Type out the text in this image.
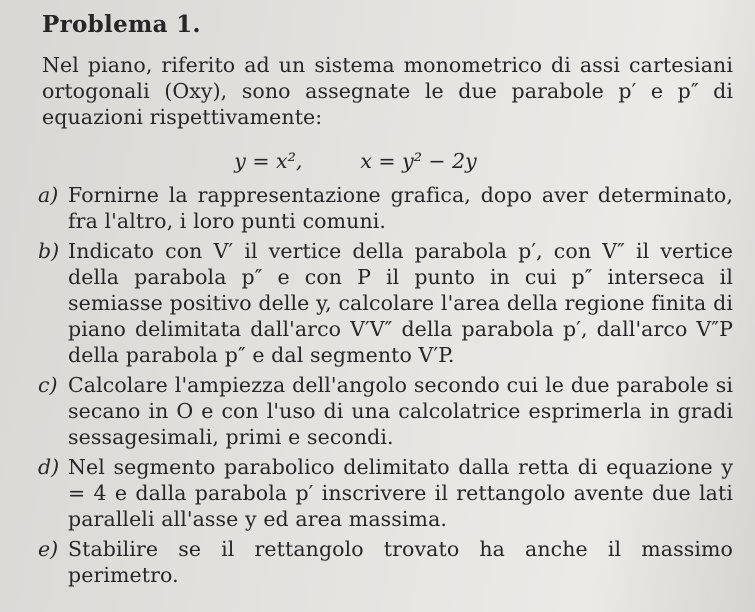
Problema 1.

Nel piano, riferito ad un sistema monometrico di assi cartesiani ortogonali (Oxy), sono assegnate le due parabole p′ e p″ di equazioni rispettivamente:

y = x²,	x = y² − 2y
a) Fornirne la rappresentazione grafica, dopo aver determinato, fra l'altro, i loro punti comuni.

b) Indicato con V′ il vertice della parabola p′, con V″ il vertice della parabola p″ e con P il punto in cui p″ interseca il semiasse positivo delle y, calcolare l'area della regione finita di piano delimitata dall'arco V′V″ della parabola p′, dall'arco V″P della parabola p″ e dal segmento V′P.

c) Calcolare l'ampiezza dell'angolo secondo cui le due parabole si secano in O e con l'uso di una calcolatrice esprimerla in gradi sessagesimali, primi e secondi.

d) Nel segmento parabolico delimitato dalla retta di equazione y = 4 e dalla parabola p′ inscrivere il rettangolo avente due lati paralleli all'asse y ed area massima.

e) Stabilire se il rettangolo trovato ha anche il massimo perimetro.
